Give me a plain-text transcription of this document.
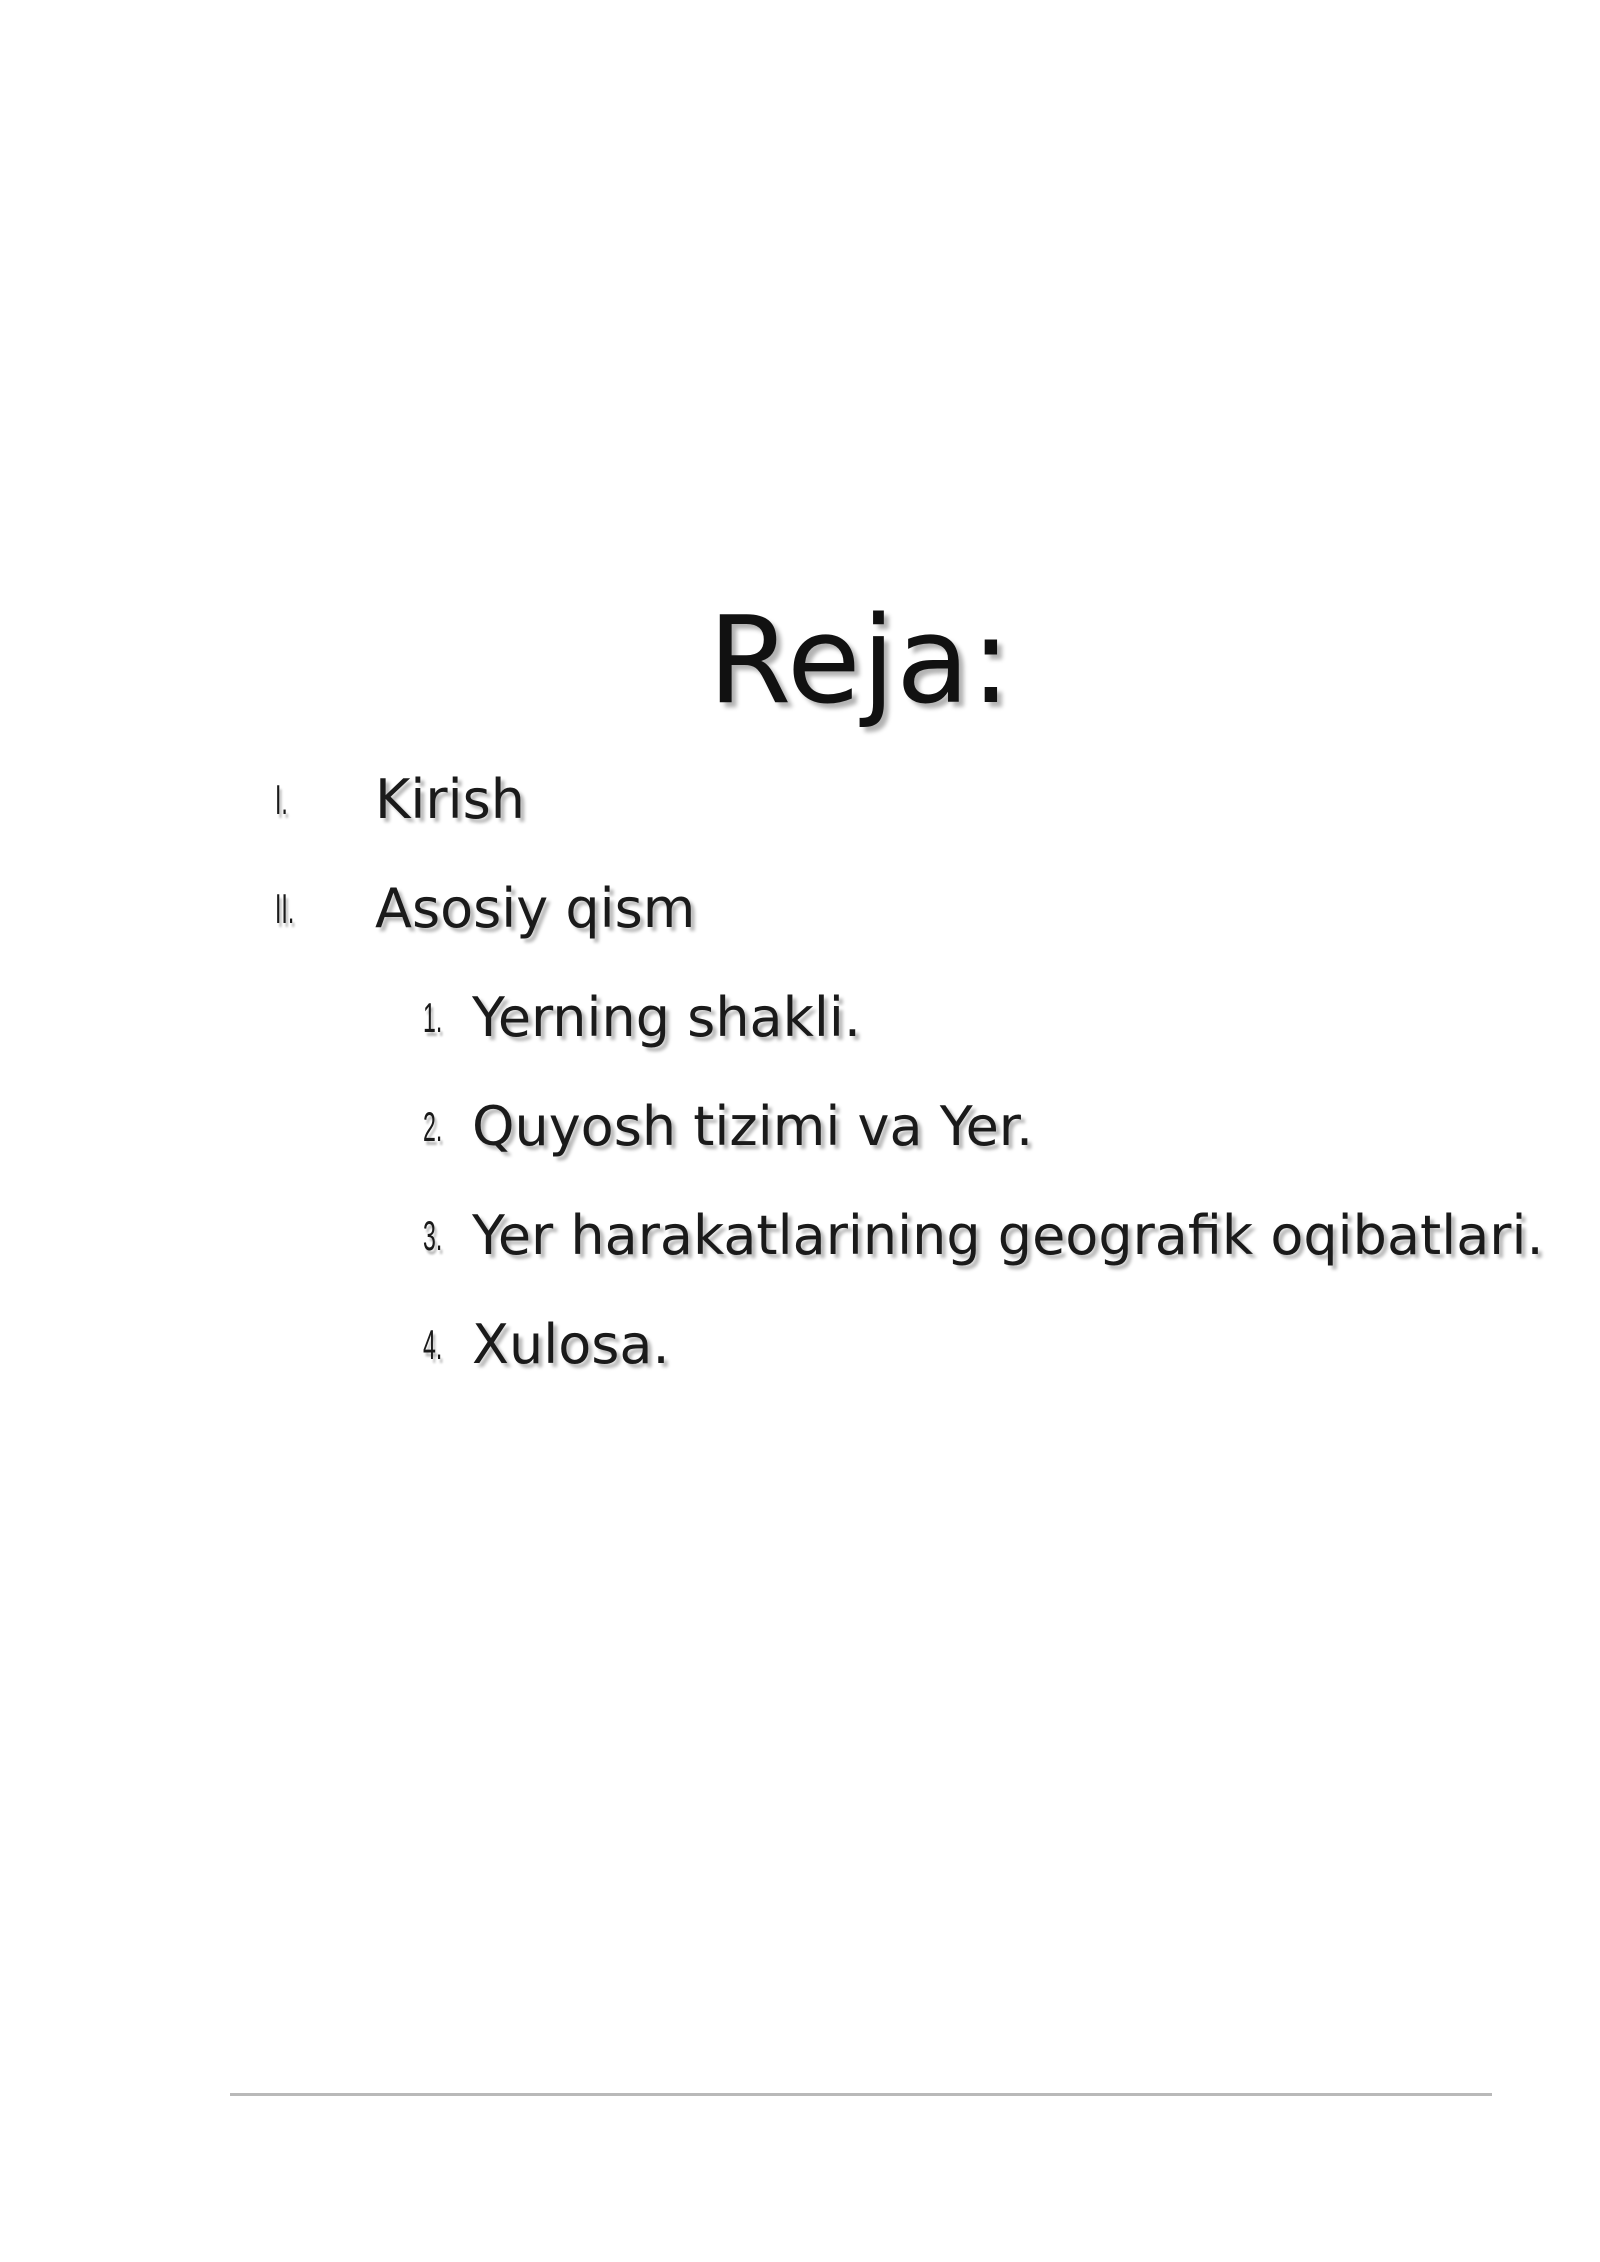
Reja:
I. Kirish
II. Asosiy qism
1. Yerning shakli.
2. Quyosh tizimi va Yer.
3. Yer harakatlarining geografik oqibatlari.
4. Xulosa.
